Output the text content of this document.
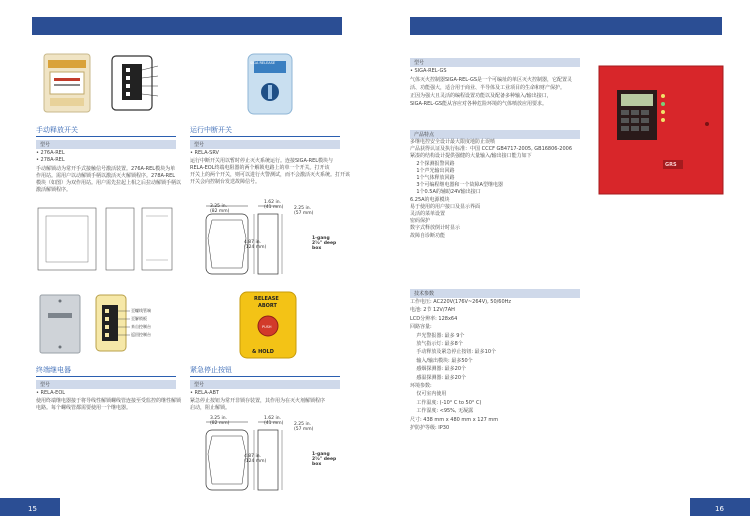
手动释放开关
型号
• 276A-REL
• 278A-REL
手动解锁动为常开手式接触信号激活装置。276A-REL模块为单
作用站。需用户以动解锁手柄以激活灭火解锁程序。278A-REL
模块（如图）为双作用站。用户需先拉起上相之后拉动解锁手柄以
激活解锁程序。
SIGA RELEASE
运行中断开关
型号
• RELA-SRV
运行中断开关用以暂时停止灭火系统运行。连接SIGA-REL模块与
RELA-EOL终端电阻器的两个解锁电路上的单一个开关。打开该
开关上的两个开关，则可以进行火警测试，而不会激活灭火系统。打开该
开关会向控制台发送故障信号。
3.25 in.
(82 mm)
1.62 in.
(41 mm) 2.25 in.
(57 mm)
4.87 in.
(124 mm)
1-gang
2½" deep
box
至螺线管端
至解锁板
来自控制台
返回控制台
终端继电器
型号
• RELA-EOL
使用终端继电器接于将导线性解锁螺线管连接至受监控的继性解锁
电路。每个螺线管都需要使用一个继电器。
RELEASE
ABORT
PUSH
& HOLD
紧急停止按钮
型号
• RELA-ABT
紧急停止按钮为常开非锁存装置，其作用为在灭火剂解锁程序
启动，阻止解锁。
3.25 in.
(82 mm)
1.62 in.
(41 mm) 2.25 in.
(57 mm)
4.87 in.
(124 mm)
1-gang
2½" deep
box
15
型号
• SIGA-REL-GS
气体灭火控制器SIGA-REL-GS是一个可编址的单区灭火控制器，它配置灵
活、功能强大，适合用于商业、半导体及工业项目的生命和财产保护。
正因为强大且灵活的编程设置功能以及配备多种输入/输出接口，
SIGA-REL-GS能从容应对各种危险环境的气体喷放应用要求。
GRS
产品特点
多继电控安全设计最大限度地防止误喷
产品获得认证及执行标准：中国 CCCF GB4717-2005, GB16806-2006
紧凑的结构设计提供强健的大量输入/输出接口能力如下
2个探测报警回路
1个声光输出回路
1个气体释放回路
3个可编程继电器和一个故障A型继电器
1个0.5A的辅助24V输出接口
6.25A的电源模块
易于使用的用户接口及显示界面
灵活的菜单设置
密码保护
数字式释放倒计时显示
故障自诊断功能
技术参数
工作电压: AC220V(176V~264V), 50/60Hz
电池: 2节 12V/7AH
LCD分辨率: 128x64
回路容量:
声光警报器: 最多 9个
放气指示灯: 最多8个
手动释放及紧急停止按钮: 最多10个
输入/输出模块: 最多50个
感烟探测器: 最多20个
感温探测器: 最多20个
环境参数:
仅可室内使用
工作温度: (-10° C to 50° C)
工作湿度: <95%, 无凝露
尺寸: 438 mm x 480 mm x 127 mm
护防护等级: IP30
16
